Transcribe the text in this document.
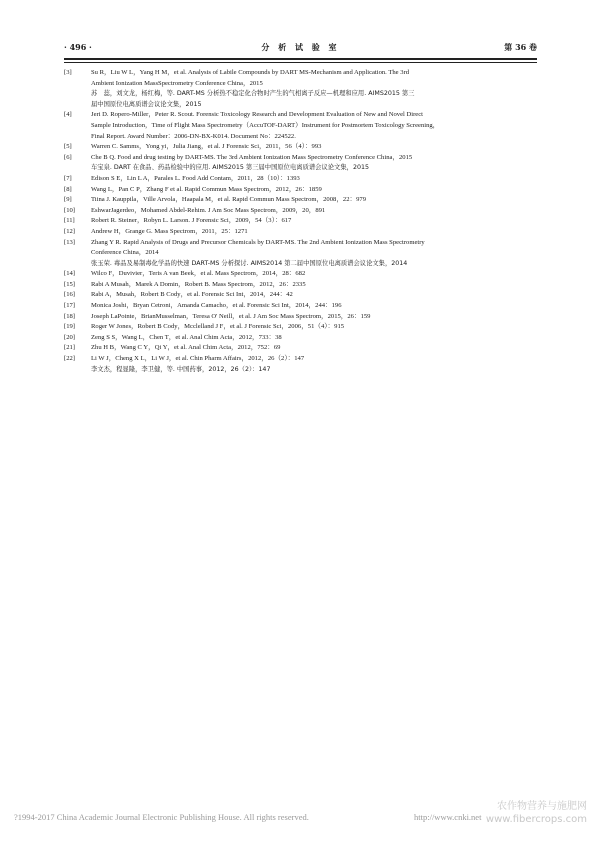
· 496 ·	分 析 试 验 室	第 36 卷
[3]	Su R，Liu W L，Yang H M，et al. Analysis of Labile Compounds by DART MS-Mechanism and Application. The 3rd
Ambient Ionization MassSpectrometry Conference China，2015
苏　蕊，刘文龙，杨红梅，等. DART-MS 分析热不稳定化合物时产生的气相离子反应—机理和应用. AIMS2015 第三
届中国原位电离质谱会议论文集，2015
[4]	Jeri D. Ropero-Miller，Peter R. Scout. Forensic Toxicology Research and Development Evaluation of New and Novel Direct
Sample Introduction，Time of Flight Mass Spectrometry（AccuTOF-DART）Instrument for Postmortem Toxicology Screening，
Final Report. Award Number：2006-DN-BX-K014. Document No：224522.
[5]	Warren C. Samms，Yong yi，Julia Jiang，et al. J Forensic Sci，2011，56（4）：993
[6]	Che B Q. Food and drug testing by DART-MS. The 3rd Ambient Ionization Mass Spectrometry Conference China，2015
车宝泉. DART 在食品、药品检验中的应用. AIMS2015 第三届中国原位电离质谱会议论文集，2015
[7]	Edison S E，Lin L A，Parales L. Food Add Contam，2011，28（10）：1393
[8]	Wang L，Pan C P，Zhang F et al. Rapid Commun Mass Spectrom，2012，26：1859
[9]	Tiina J. Kauppila，Ville Arvola，Haapala M，et al. Rapid Commun Mass Spectrom，2008，22：979
[10] EshwarJagerdeo，Mohamed Abdel-Rehim. J Am Soc Mass Spectrom，2009，20，891
[11] Robert R. Steiner，Robyn L. Larson. J Forensic Sci，2009，54（3）：617
[12] Andrew H，Grange G. Mass Spectrom，2011，25：1271
[13] Zhang Y R. Rapid Analysis of Drugs and Precursor Chemicals by DART-MS. The 2nd Ambient Ionization Mass Spectrometry
Conference China，2014
张玉荣. 毒品及易制毒化学品的快速 DART-MS 分析探讨. AIMS2014 第二届中国原位电离质谱会议论文集，2014
[14] Wilco F，Duvivier，Teris A van Beek，et al. Mass Spectrom，2014，28：682
[15] Rabi A Musah，Marek A Domin，Robert B. Mass Spectrom，2012，26：2335
[16] Rabi A，Musah，Robert B Cody，et al. Forensic Sci Int，2014，244：42
[17] Monica Joshi，Bryan Cetroni，Amanda Camacho，et al. Forensic Sci Int，2014，244：196
[18] Joseph LaPointe，BrianMusselman，Teresa O' Neill，et al. J Am Soc Mass Spectrom，2015，26：159
[19] Roger W Jones，Robert B Cody，Mcclelland J F，et al. J Forensic Sci，2006，51（4）：915
[20] Zeng S S，Wang L，Chen T，et al. Anal Chim Acta，2012，733：38
[21] Zhu H B，Wang C Y，Qi Y，et al. Anal Chim Acta，2012，752：69
[22] Li W J，Cheng X L，Li W J，et al. Chin Pharm Affairs，2012，26（2）：147
李文杰，程显隆，李卫健，等. 中国药事，2012，26（2）：147
?1994-2017 China Academic Journal Electronic Publishing House. All rights reserved.	http://www.cnki.net
农作物营养与施肥网
www.fibercrops.com
